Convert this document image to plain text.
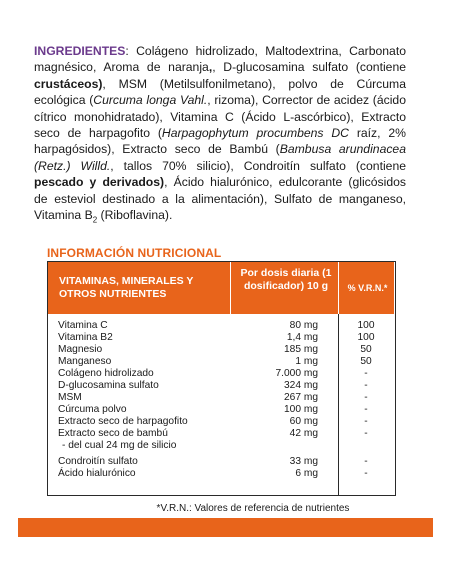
INGREDIENTES: Colágeno hidrolizado, Maltodextrina, Carbonato magnésico, Aroma de naranja,, D-glucosamina sulfato (contiene crustáceos), MSM (Metilsulfonilmetano), polvo de Cúrcuma ecológica (Curcuma longa Vahl., rizoma), Corrector de acidez (ácido cítrico monohidratado), Vitamina C (Ácido L-ascórbico), Extracto seco de harpagofito (Harpagophytum procumbens DC raíz, 2% harpagósidos), Extracto seco de Bambú (Bambusa arundinacea (Retz.) Willd., tallos 70% silicio), Condroitín sulfato (contiene pescado y derivados), Ácido hialurónico, edulcorante (glicósidos de esteviol destinado a la alimentación), Sulfato de manganeso, Vitamina $B_2$ (Riboflavina).
INFORMACIÓN NUTRICIONAL
VITAMINAS, MINERALES Y OTROS NUTRIENTES
Por dosis diaria (1 dosificador) 10 g	% V.R.N.*
Vitamina C	80 mg	100
Vitamina B2	1,4 mg	100
Magnesio	185 mg	50
Manganeso	1 mg	50
Colágeno hidrolizado	7.000 mg	-
D-glucosamina sulfato	324 mg	-
MSM	267 mg	-
Cúrcuma polvo	100 mg	-
Extracto seco de harpagofito	60 mg	-
Extracto seco de bambú	42 mg	-
- del cual 24 mg de silicio
Condroitín sulfato	33 mg	-
Ácido hialurónico	6 mg	-
*V.R.N.: Valores de referencia de nutrientes
